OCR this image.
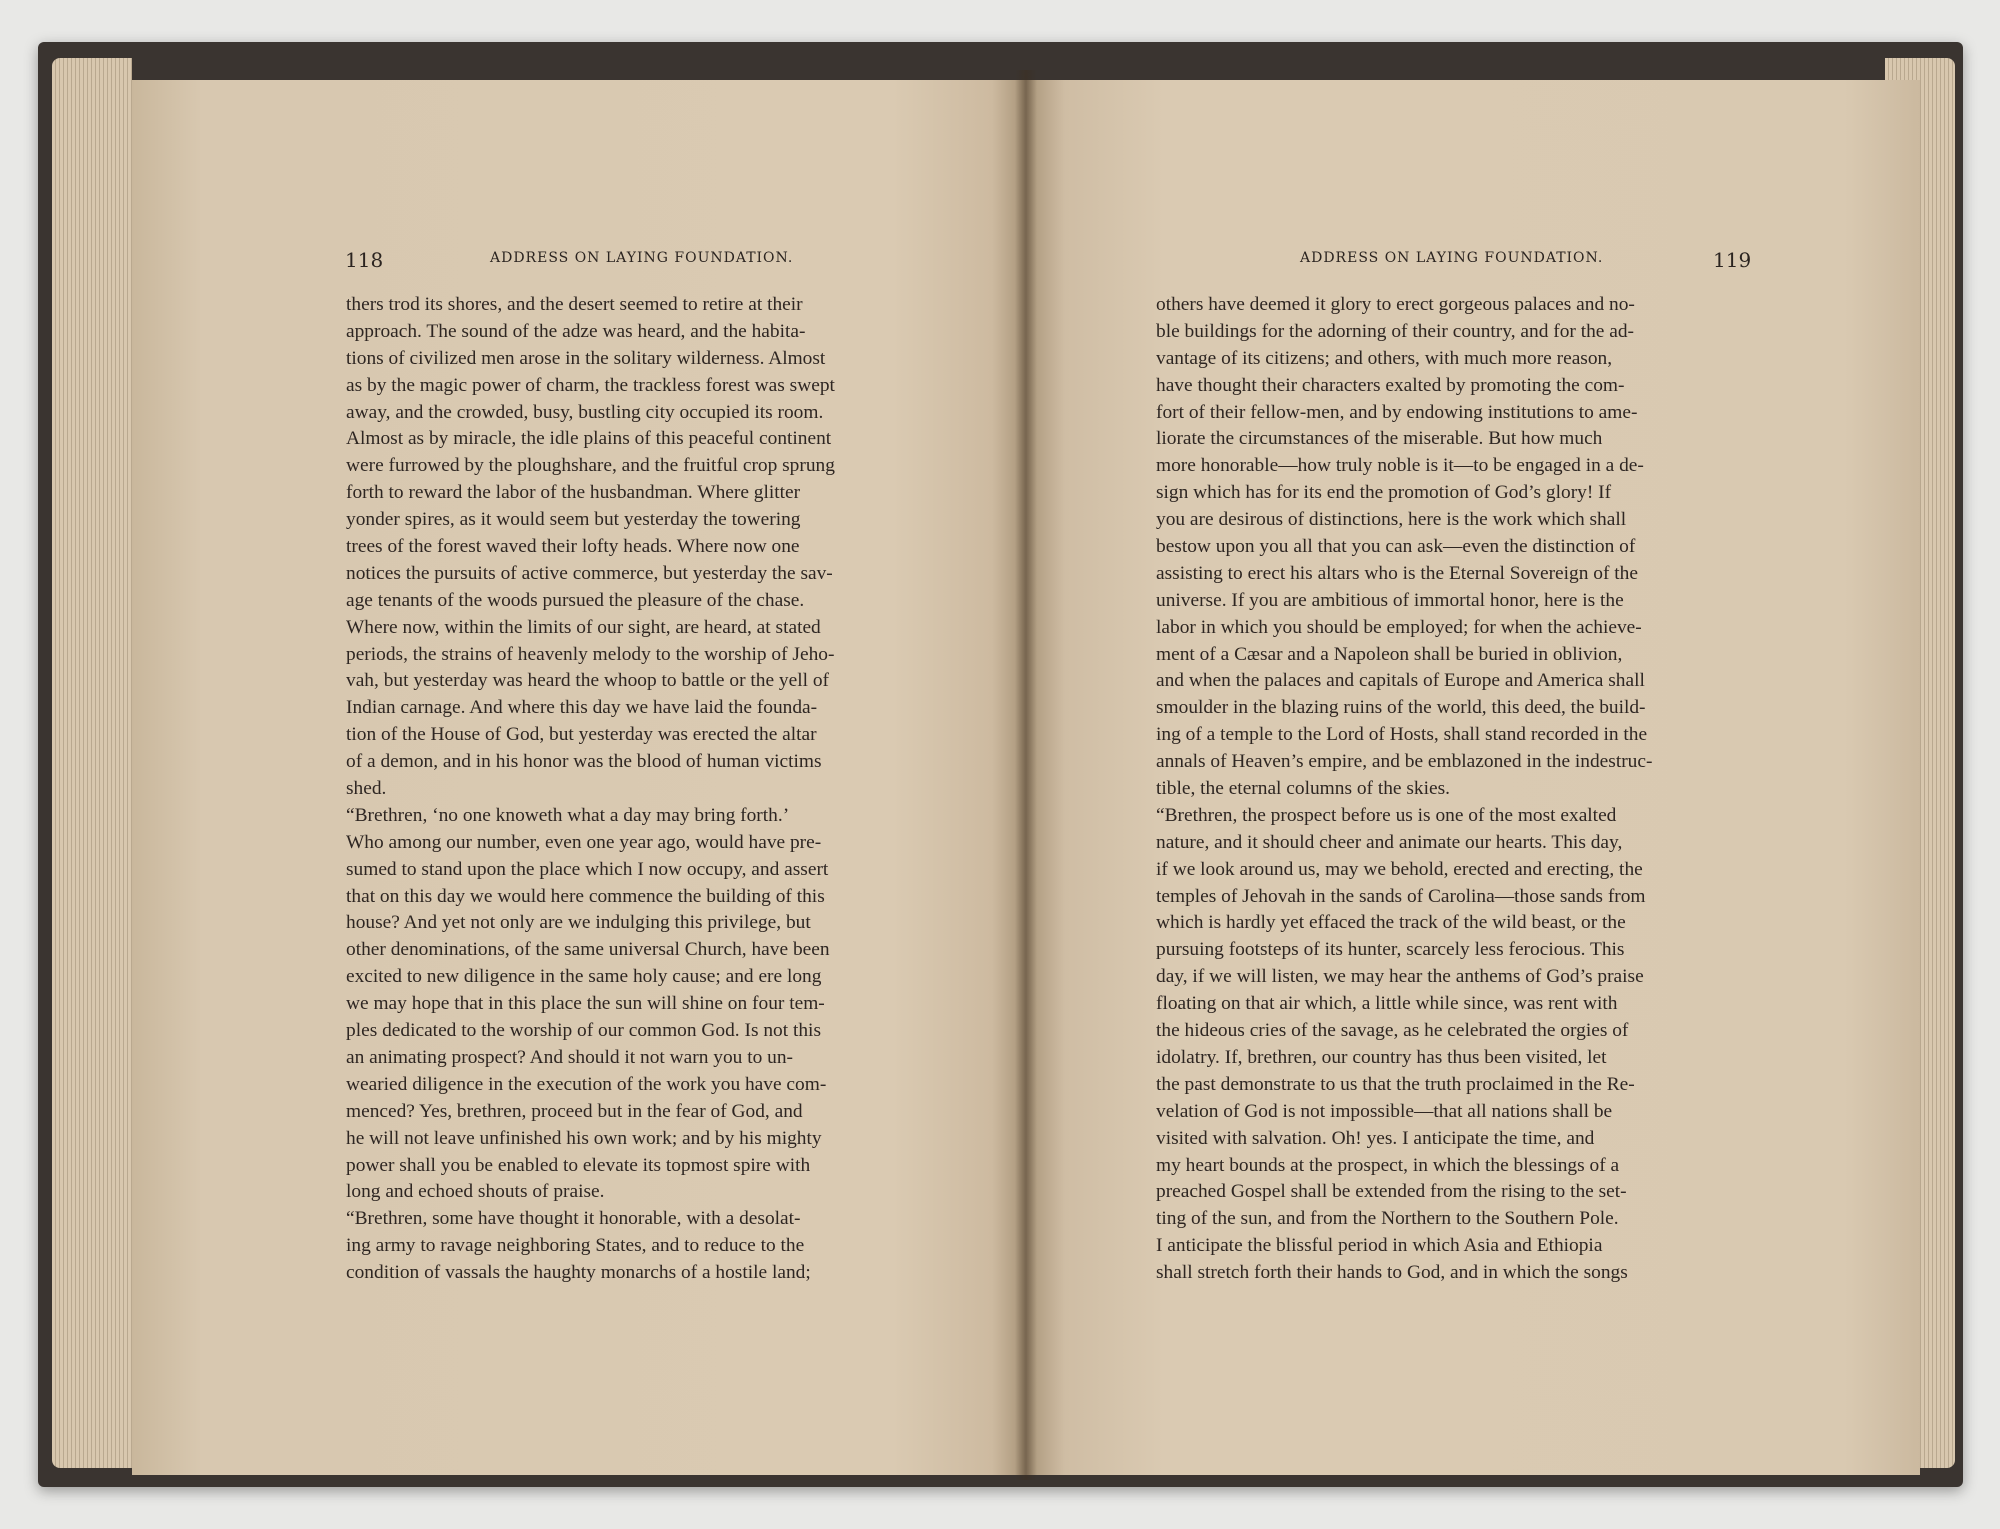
118	ADDRESS ON LAYING FOUNDATION.	ADDRESS ON LAYING FOUNDATION.	119
thers trod its shores, and the desert seemed to retire at their
approach. The sound of the adze was heard, and the habita-
tions of civilized men arose in the solitary wilderness. Almost
as by the magic power of charm, the trackless forest was swept
away, and the crowded, busy, bustling city occupied its room.
Almost as by miracle, the idle plains of this peaceful continent
were furrowed by the ploughshare, and the fruitful crop sprung
forth to reward the labor of the husbandman. Where glitter
yonder spires, as it would seem but yesterday the towering
trees of the forest waved their lofty heads. Where now one
notices the pursuits of active commerce, but yesterday the sav-
age tenants of the woods pursued the pleasure of the chase.
Where now, within the limits of our sight, are heard, at stated
periods, the strains of heavenly melody to the worship of Jeho-
vah, but yesterday was heard the whoop to battle or the yell of
Indian carnage. And where this day we have laid the founda-
tion of the House of God, but yesterday was erected the altar
of a demon, and in his honor was the blood of human victims
shed.
“Brethren, ‘no one knoweth what a day may bring forth.’
Who among our number, even one year ago, would have pre-
sumed to stand upon the place which I now occupy, and assert
that on this day we would here commence the building of this
house? And yet not only are we indulging this privilege, but
other denominations, of the same universal Church, have been
excited to new diligence in the same holy cause; and ere long
we may hope that in this place the sun will shine on four tem-
ples dedicated to the worship of our common God. Is not this
an animating prospect? And should it not warn you to un-
wearied diligence in the execution of the work you have com-
menced? Yes, brethren, proceed but in the fear of God, and
he will not leave unfinished his own work; and by his mighty
power shall you be enabled to elevate its topmost spire with
long and echoed shouts of praise.
“Brethren, some have thought it honorable, with a desolat-
ing army to ravage neighboring States, and to reduce to the
condition of vassals the haughty monarchs of a hostile land;
others have deemed it glory to erect gorgeous palaces and no-
ble buildings for the adorning of their country, and for the ad-
vantage of its citizens; and others, with much more reason,
have thought their characters exalted by promoting the com-
fort of their fellow-men, and by endowing institutions to ame-
liorate the circumstances of the miserable. But how much
more honorable—how truly noble is it—to be engaged in a de-
sign which has for its end the promotion of God’s glory! If
you are desirous of distinctions, here is the work which shall
bestow upon you all that you can ask—even the distinction of
assisting to erect his altars who is the Eternal Sovereign of the
universe. If you are ambitious of immortal honor, here is the
labor in which you should be employed; for when the achieve-
ment of a Cæsar and a Napoleon shall be buried in oblivion,
and when the palaces and capitals of Europe and America shall
smoulder in the blazing ruins of the world, this deed, the build-
ing of a temple to the Lord of Hosts, shall stand recorded in the
annals of Heaven’s empire, and be emblazoned in the indestruc-
tible, the eternal columns of the skies.
“Brethren, the prospect before us is one of the most exalted
nature, and it should cheer and animate our hearts. This day,
if we look around us, may we behold, erected and erecting, the
temples of Jehovah in the sands of Carolina—those sands from
which is hardly yet effaced the track of the wild beast, or the
pursuing footsteps of its hunter, scarcely less ferocious. This
day, if we will listen, we may hear the anthems of God’s praise
floating on that air which, a little while since, was rent with
the hideous cries of the savage, as he celebrated the orgies of
idolatry. If, brethren, our country has thus been visited, let
the past demonstrate to us that the truth proclaimed in the Re-
velation of God is not impossible—that all nations shall be
visited with salvation. Oh! yes. I anticipate the time, and
my heart bounds at the prospect, in which the blessings of a
preached Gospel shall be extended from the rising to the set-
ting of the sun, and from the Northern to the Southern Pole.
I anticipate the blissful period in which Asia and Ethiopia
shall stretch forth their hands to God, and in which the songs
